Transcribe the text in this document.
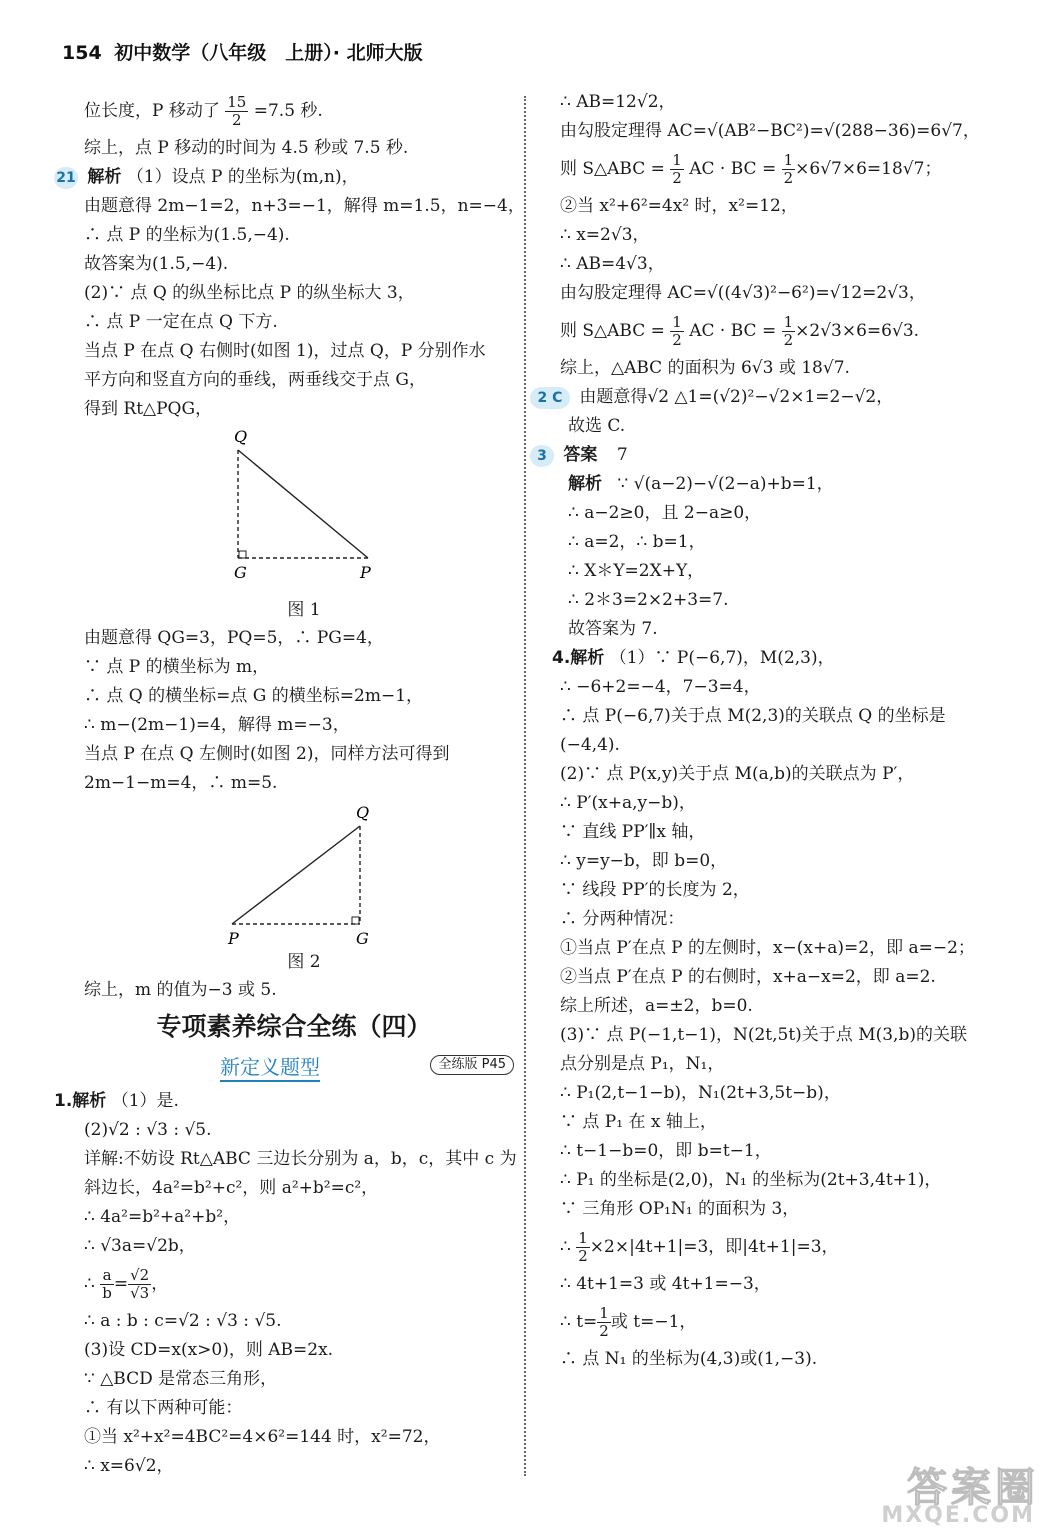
154 初中数学（八年级　上册）· 北师大版
位长度，P 移动了 $\frac{15}{2} =7.5$ 秒.
综上，点 P 移动的时间为 4.5 秒或 7.5 秒.
21 解析 （1）设点 P 的坐标为(m,n)，
由题意得 2m−1=2，n+3=−1，解得 m=1.5，n=−4，
∴ 点 P 的坐标为(1.5,−4).
故答案为(1.5,−4).
(2)∵ 点 Q 的纵坐标比点 P 的纵坐标大 3，
∴ 点 P 一定在点 Q 下方.
当点 P 在点 Q 右侧时(如图 1)，过点 Q，P 分别作水
平方向和竖直方向的垂线，两垂线交于点 G，
得到 Rt△PQG，
Q
G	P
图 1
由题意得 QG=3，PQ=5，∴ PG=4，
∵ 点 P 的横坐标为 m，
∴ 点 Q 的横坐标=点 G 的横坐标=2m−1，
∴ m−(2m−1)=4，解得 m=−3，
当点 P 在点 Q 左侧时(如图 2)，同样方法可得到
2m−1−m=4，∴ m=5.
Q
G
P
图 2
综上，m 的值为−3 或 5.
专项素养综合全练（四）
新定义题型	全练版 P45
1.解析 （1）是.
(2)√2 : √3 : √5.
详解:不妨设 Rt△ABC 三边长分别为 a，b，c，其中 c 为
斜边长，4a²=b²+c²，则 a²+b²=c²，
∴ 4a²=b²+a²+b²，
∴ √3a=√2b，
∴ $\frac{a}{b} = \frac{√2}{√3}$ ，
∴ a : b : c=√2 : √3 : √5.
(3)设 CD=x(x>0)，则 AB=2x.
∵ △BCD 是常态三角形，
∴ 有以下两种可能：
①当 x²+x²=4BC²=4×6²=144 时，x²=72，
∴ x=6√2，
∴ AB=12√2，
由勾股定理得 AC=√(AB²−BC²)=√(288−36)=6√7，
则 S△ABC = $\frac{1}{2}$ AC · BC = $\frac{1}{2} \times 6√7\times 6=18√7$；
②当 x²+6²=4x² 时，x²=12，
∴ x=2√3，
∴ AB=4√3，
由勾股定理得 AC=√((4√3)²−6²)=√12=2√3，
则 S△ABC = $\frac{1}{2}$ AC · BC = $\frac{1}{2} \times 2√3\times 6=6√3$.
综上，△ABC 的面积为 6√3 或 18√7.
2 C 由题意得√2 △1=(√2)²−√2×1=2−√2，
故选 C.
3 答案 7
解析 ∵ √(a−2)−√(2−a)+b=1，
∴ a−2≥0，且 2−a≥0，
∴ a=2，∴ b=1，
∴ X＊Y=2X+Y，
∴ 2＊3=2×2+3=7.
故答案为 7.
4.解析 （1）∵ P(−6,7)，M(2,3)，
∴ −6+2=−4，7−3=4，
∴ 点 P(−6,7)关于点 M(2,3)的关联点 Q 的坐标是
(−4,4).
(2)∵ 点 P(x,y)关于点 M(a,b)的关联点为 P′，
∴ P′(x+a,y−b)，
∵ 直线 PP′∥x 轴，
∴ y=y−b，即 b=0，
∵ 线段 PP′的长度为 2，
∴ 分两种情况：
①当点 P′在点 P 的左侧时，x−(x+a)=2，即 a=−2；
②当点 P′在点 P 的右侧时，x+a−x=2，即 a=2.
综上所述，a=±2，b=0.
(3)∵ 点 P(−1,t−1)，N(2t,5t)关于点 M(3,b)的关联
点分别是点 P₁，N₁，
∴ P₁(2,t−1−b)，N₁(2t+3,5t−b)，
∵ 点 P₁ 在 x 轴上，
∴ t−1−b=0，即 b=t−1，
∴ P₁ 的坐标是(2,0)，N₁ 的坐标为(2t+3,4t+1)，
∵ 三角形 OP₁N₁ 的面积为 3，
∴ $\frac{1}{2} \times 2\times|4t+1|=3$，即|4t+1|=3，
∴ 4t+1=3 或 4t+1=−3，
∴ $t= \frac{1}{2}$ 或 t=−1，
∴ 点 N₁ 的坐标为(4,3)或(1,−3).
答案圈
MXQE.COM
